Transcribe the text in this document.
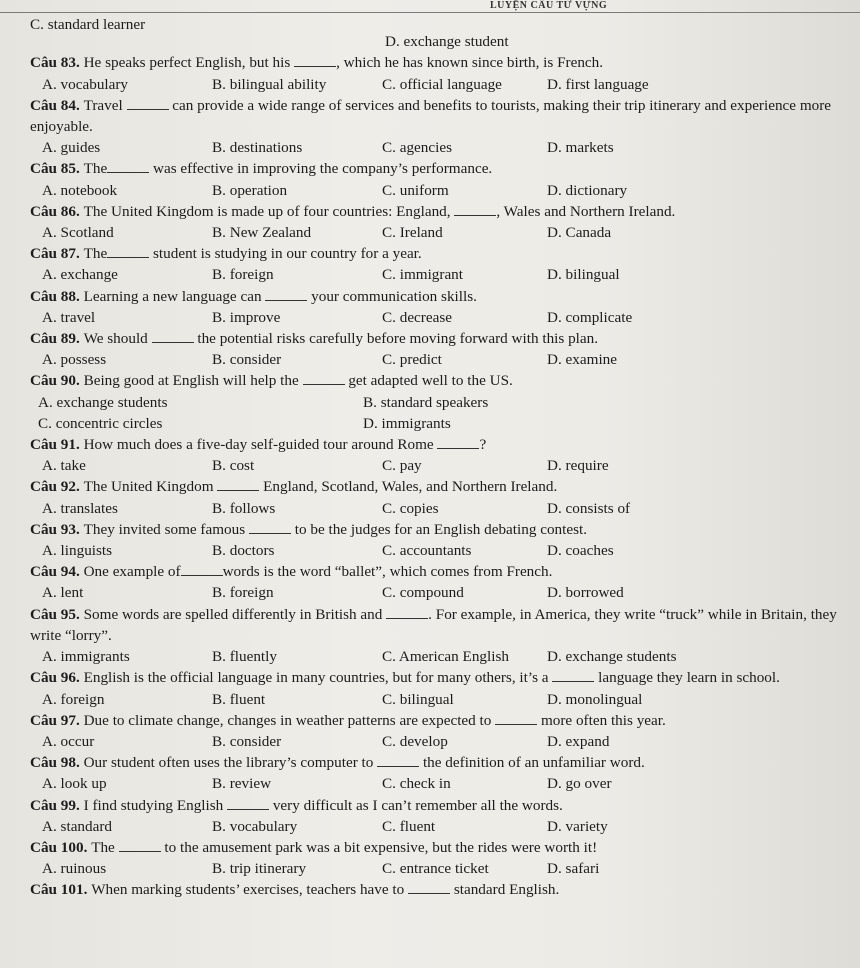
LUYỆN CẤU TỪ VỰNG
C. standard learner
D. exchange student
Câu 83. He speaks perfect English, but his	, which he has known since birth, is French.
A. vocabulary	B. bilingual ability	C. official language	D. first language
Câu 84. Travel	can provide a wide range of services and benefits to tourists, making their trip itinerary and experience more enjoyable.
A. guides	B. destinations	C. agencies	D. markets
Câu 85. The	was effective in improving the company’s performance.
A. notebook	B. operation	C. uniform	D. dictionary
Câu 86. The United Kingdom is made up of four countries: England,	, Wales and Northern Ireland.
A. Scotland	B. New Zealand	C. Ireland	D. Canada
Câu 87. The	student is studying in our country for a year.
A. exchange	B. foreign	C. immigrant	D. bilingual
Câu 88. Learning a new language can	your communication skills.
A. travel	B. improve	C. decrease	D. complicate
Câu 89. We should	the potential risks carefully before moving forward with this plan.
A. possess	B. consider	C. predict	D. examine
Câu 90. Being good at English will help the	get adapted well to the US.
A. exchange students	B. standard speakers
C. concentric circles	D. immigrants
Câu 91. How much does a five-day self-guided tour around Rome	?
A. take	B. cost	C. pay	D. require
Câu 92. The United Kingdom	England, Scotland, Wales, and Northern Ireland.
A. translates	B. follows	C. copies	D. consists of
Câu 93. They invited some famous	to be the judges for an English debating contest.
A. linguists	B. doctors	C. accountants	D. coaches
Câu 94. One example of	words is the word “ballet”, which comes from French.
A. lent	B. foreign	C. compound	D. borrowed
Câu 95. Some words are spelled differently in British and	. For example, in America, they write “truck” while in Britain, they write “lorry”.
A. immigrants	B. fluently	C. American English	D. exchange students
Câu 96. English is the official language in many countries, but for many others, it’s a	language they learn in school.
A. foreign	B. fluent	C. bilingual	D. monolingual
Câu 97. Due to climate change, changes in weather patterns are expected to	more often this year.
A. occur	B. consider	C. develop	D. expand
Câu 98. Our student often uses the library’s computer to	the definition of an unfamiliar word.
A. look up	B. review	C. check in	D. go over
Câu 99. I find studying English	very difficult as I can’t remember all the words.
A. standard	B. vocabulary	C. fluent	D. variety
Câu 100. The	to the amusement park was a bit expensive, but the rides were worth it!
A. ruinous	B. trip itinerary	C. entrance ticket	D. safari
Câu 101. When marking students’ exercises, teachers have to	standard English.
